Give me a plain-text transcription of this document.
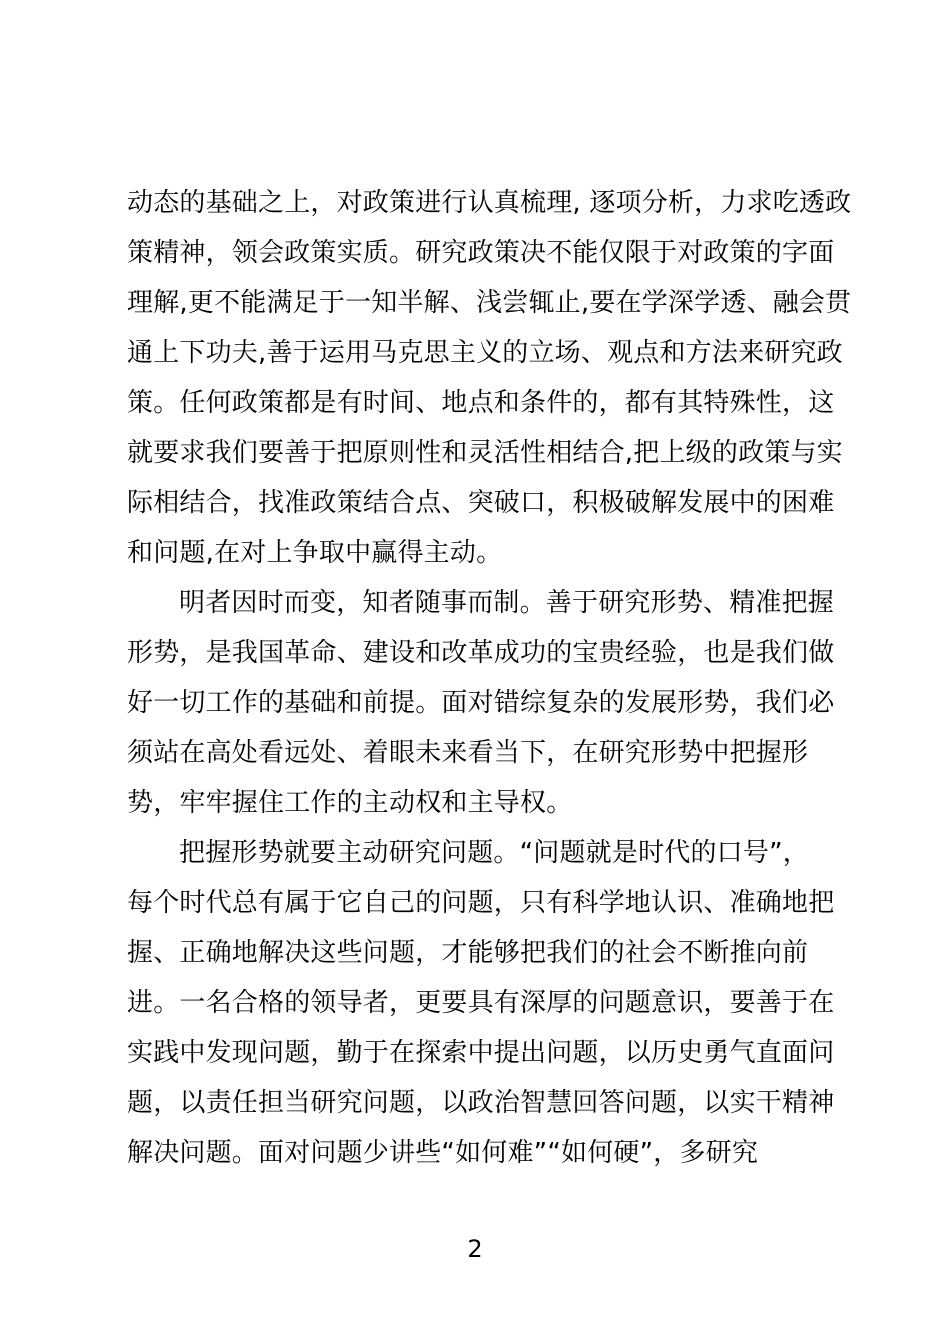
动态的基础之上，对政策进行认真梳理, 逐项分析，力求吃透政
策精神，领会政策实质。研究政策决不能仅限于对政策的字面
理解,更不能满足于一知半解、浅尝辄止,要在学深学透、融会贯
通上下功夫,善于运用马克思主义的立场、观点和方法来研究政
策。任何政策都是有时间、地点和条件的，都有其特殊性，这
就要求我们要善于把原则性和灵活性相结合,把上级的政策与实
际相结合，找准政策结合点、突破口，积极破解发展中的困难
和问题,在对上争取中赢得主动。
明者因时而变，知者随事而制。善于研究形势、精准把握
形势，是我国革命、建设和改革成功的宝贵经验，也是我们做
好一切工作的基础和前提。面对错综复杂的发展形势，我们必
须站在高处看远处、着眼未来看当下，在研究形势中把握形
势，牢牢握住工作的主动权和主导权。
把握形势就要主动研究问题。“问题就是时代的口号”，
每个时代总有属于它自己的问题，只有科学地认识、准确地把
握、正确地解决这些问题，才能够把我们的社会不断推向前
进。一名合格的领导者，更要具有深厚的问题意识，要善于在
实践中发现问题，勤于在探索中提出问题，以历史勇气直面问
题，以责任担当研究问题，以政治智慧回答问题，以实干精神
解决问题。面对问题少讲些“如何难”“如何硬”，多研究
2
